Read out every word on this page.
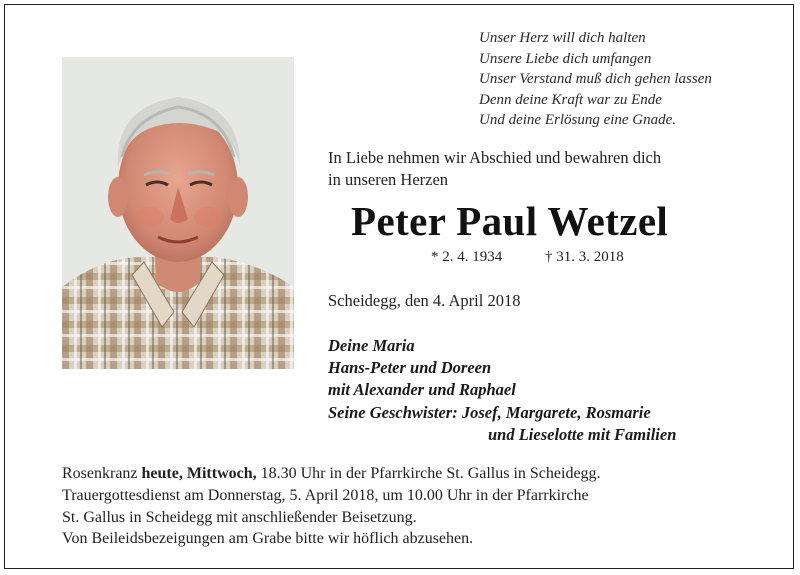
Unser Herz will dich halten
Unsere Liebe dich umfangen
Unser Verstand muß dich gehen lassen
Denn deine Kraft war zu Ende
Und deine Erlösung eine Gnade.
In Liebe nehmen wir Abschied und bewahren dich
in unseren Herzen
Peter Paul Wetzel
* 2. 4. 1934	† 31. 3. 2018
Scheidegg, den 4. April 2018
Deine Maria
Hans-Peter und Doreen
mit Alexander und Raphael
Seine Geschwister: Josef, Margarete, Rosmarie
und Lieselotte mit Familien
Rosenkranz heute, Mittwoch, 18.30 Uhr in der Pfarrkirche St. Gallus in Scheidegg.
Trauergottesdienst am Donnerstag, 5. April 2018, um 10.00 Uhr in der Pfarrkirche
St. Gallus in Scheidegg mit anschließender Beisetzung.
Von Beileidsbezeigungen am Grabe bitte wir höflich abzusehen.
